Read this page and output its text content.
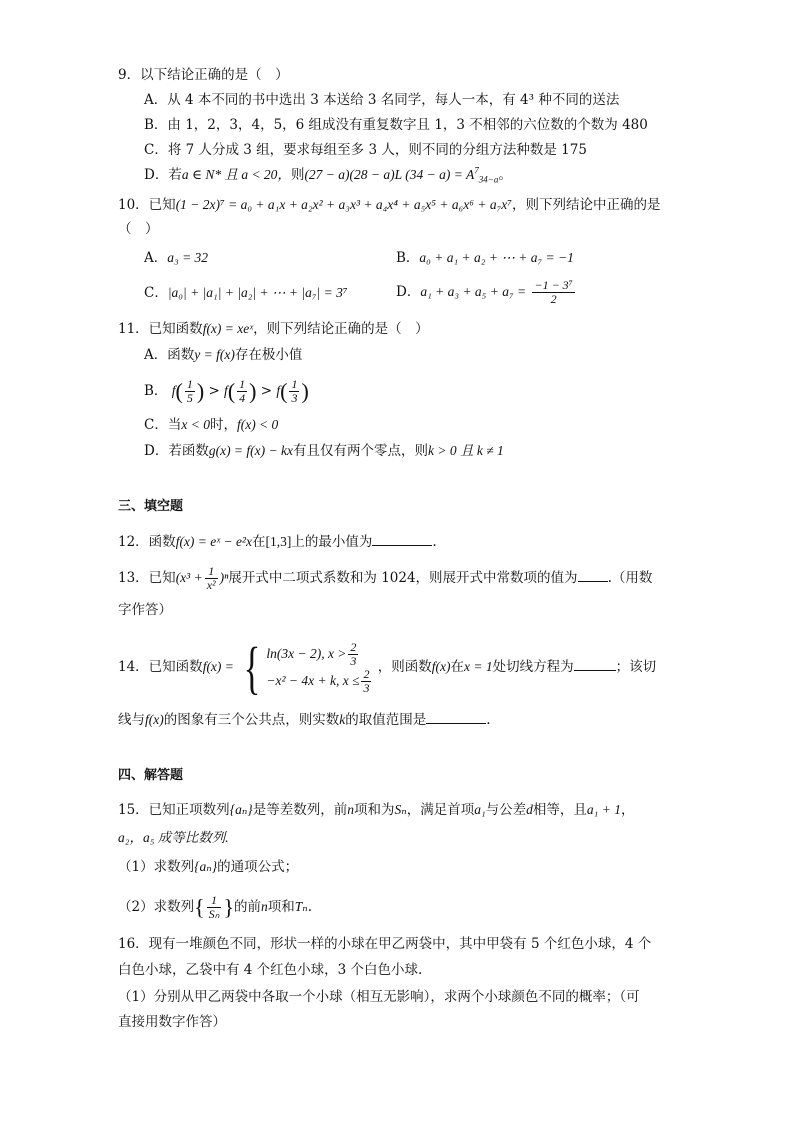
9．以下结论正确的是（　）
A．从 4 本不同的书中选出 3 本送给 3 名同学，每人一本，有 4³ 种不同的送法
B．由 1，2，3，4，5，6 组成没有重复数字且 1，3 不相邻的六位数的个数为 480
C．将 7 人分成 3 组，要求每组至多 3 人，则不同的分组方法种数是 175
D．若a ∈ N* 且 a < 20，则(27 − a)(28 − a)L $(34 - a) = A^7_{34-a}$。
10．已知(1 − 2x)⁷ = a₀ + a₁x + a₂x² + a₃x³ + a₄x⁴ + a₅x⁵ + a₆x⁶ + a₇x⁷，则下列结论中正确的是
（　）
A．a₃ = 32	B．a₀ + a₁ + a₂ + ⋯ + a₇ = −1
C．|a₀| + |a₁| + |a₂| + ⋯ + |a₇| = 3⁷	D．$a_1 + a_3 + a_5 + a_7 = \frac{\text{−1 − 3⁷}}{2}$
11．已知函数f(x) = xeˣ，则下列结论正确的是（　）
A．函数y = f(x)存在极小值
B． $f( \frac{1}{5}$ ) > $f( \frac{1}{4}$ ) > $f( \frac{1}{3}$ )
C．当x < 0时，f(x) < 0
D．若函数g(x) = f(x) − kx有且仅有两个零点，则k > 0 且 k ≠ 1
三、填空题
12．函数f(x) = eˣ − e²x在[1,3]上的最小值为	.
13．已知$(x^3 + \frac{1}{\text{x²}} )^n$展开式中二项式系数和为 1024，则展开式中常数项的值为 .（用数
字作答）
14．已知函数f(x) = { ln(3x − 2), $x > \frac{2}{3}$
−x² − 4x + k, $x \le \frac{2}{3}$
，则函数f(x)在x = 1处切线方程为	；该切
线与f(x)的图象有三个公共点，则实数k的取值范围是	.
四、解答题
15．已知正项数列{aₙ}是等差数列，前n项和为Sₙ，满足首项a₁与公差d相等，且a₁ + 1，
a₂，a₅ 成等比数列.
（1）求数列{aₙ}的通项公式；
（2）求数列{ $\frac{1}{\text{Sₙ}}$ }的前n项和Tₙ.
16．现有一堆颜色不同，形状一样的小球在甲乙两袋中，其中甲袋有 5 个红色小球，4 个
白色小球，乙袋中有 4 个红色小球，3 个白色小球.
（1）分别从甲乙两袋中各取一个小球（相互无影响），求两个小球颜色不同的概率；（可
直接用数字作答）
